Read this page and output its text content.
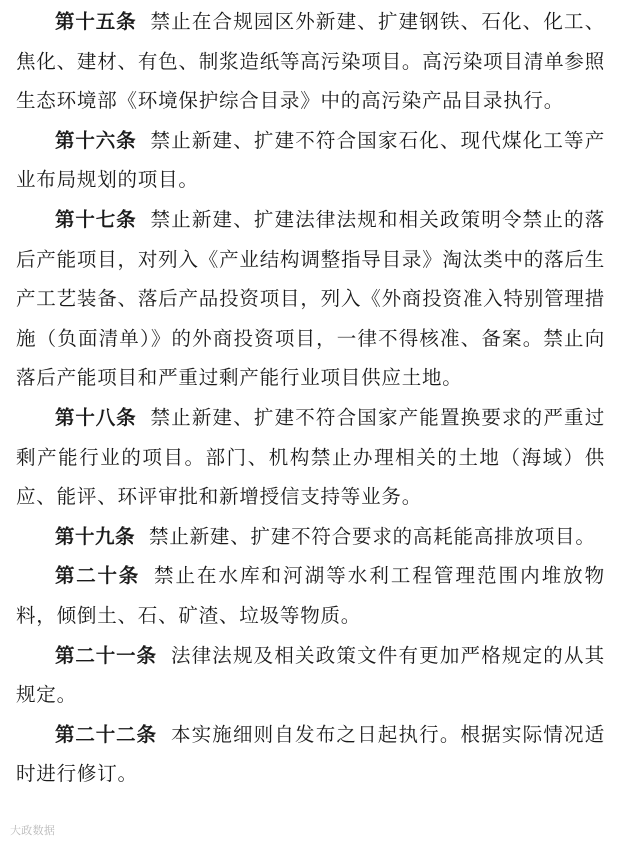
第十五条 禁止在合规园区外新建、扩建钢铁、石化、化工、焦化、建材、有色、制浆造纸等高污染项目。高污染项目清单参照生态环境部《环境保护综合目录》中的高污染产品目录执行。
第十六条 禁止新建、扩建不符合国家石化、现代煤化工等产业布局规划的项目。
第十七条 禁止新建、扩建法律法规和相关政策明令禁止的落后产能项目，对列入《产业结构调整指导目录》淘汰类中的落后生产工艺装备、落后产品投资项目，列入《外商投资准入特别管理措施（负面清单）》的外商投资项目，一律不得核准、备案。禁止向落后产能项目和严重过剩产能行业项目供应土地。
第十八条 禁止新建、扩建不符合国家产能置换要求的严重过剩产能行业的项目。部门、机构禁止办理相关的土地（海域）供应、能评、环评审批和新增授信支持等业务。
第十九条 禁止新建、扩建不符合要求的高耗能高排放项目。
第二十条 禁止在水库和河湖等水利工程管理范围内堆放物料，倾倒土、石、矿渣、垃圾等物质。
第二十一条 法律法规及相关政策文件有更加严格规定的从其规定。
第二十二条 本实施细则自发布之日起执行。根据实际情况适时进行修订。
大政数据
